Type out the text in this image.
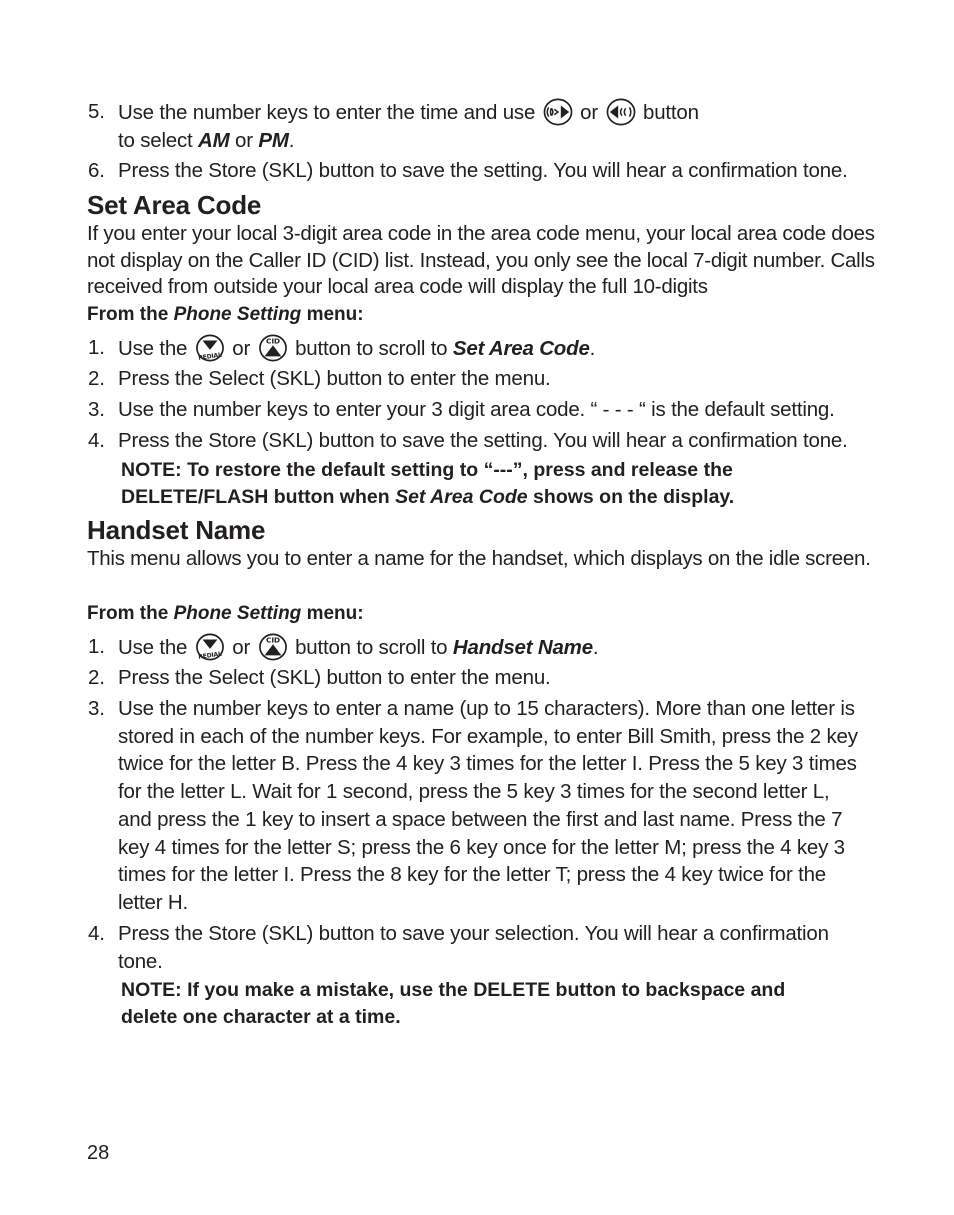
5. Use the number keys to enter the time and use
or
button
to select AM or PM.
6. Press the Store (SKL) button to save the setting. You will hear a confirmation tone.
Set Area Code
If you enter your local 3-digit area code in the area code menu, your local area code does not display on the Caller ID (CID) list. Instead, you only see the local 7-digit number. Calls received from outside your local area code will display the full 10-digits
From the Phone Setting menu:
1. Use the
or
button to scroll to Set Area Code.
2. Press the Select (SKL) button to enter the menu.
3. Use the number keys to enter your 3 digit area code. “ - - - “ is the default setting.
4. Press the Store (SKL) button to save the setting. You will hear a confirmation tone.
NOTE: To restore the default setting to “---”, press and release the DELETE/FLASH button when Set Area Code shows on the display.
Handset Name
This menu allows you to enter a name for the handset, which displays on the idle screen.
From the Phone Setting menu:
1. Use the
or
button to scroll to Handset Name.
2. Press the Select (SKL) button to enter the menu.
3. Use the number keys to enter a name (up to 15 characters). More than one letter is stored in each of the number keys. For example, to enter Bill Smith, press the 2 key twice for the letter B. Press the 4 key 3 times for the letter I. Press the 5 key 3 times for the letter L. Wait for 1 second, press the 5 key 3 times for the second letter L, and press the 1 key to insert a space between the first and last name. Press the 7 key 4 times for the letter S; press the 6 key once for the letter M; press the 4 key 3 times for the letter I. Press the 8 key for the letter T; press the 4 key twice for the letter H.
4. Press the Store (SKL) button to save your selection. You will hear a confirmation tone.
NOTE: If you make a mistake, use the DELETE button to backspace and delete one character at a time.
28
